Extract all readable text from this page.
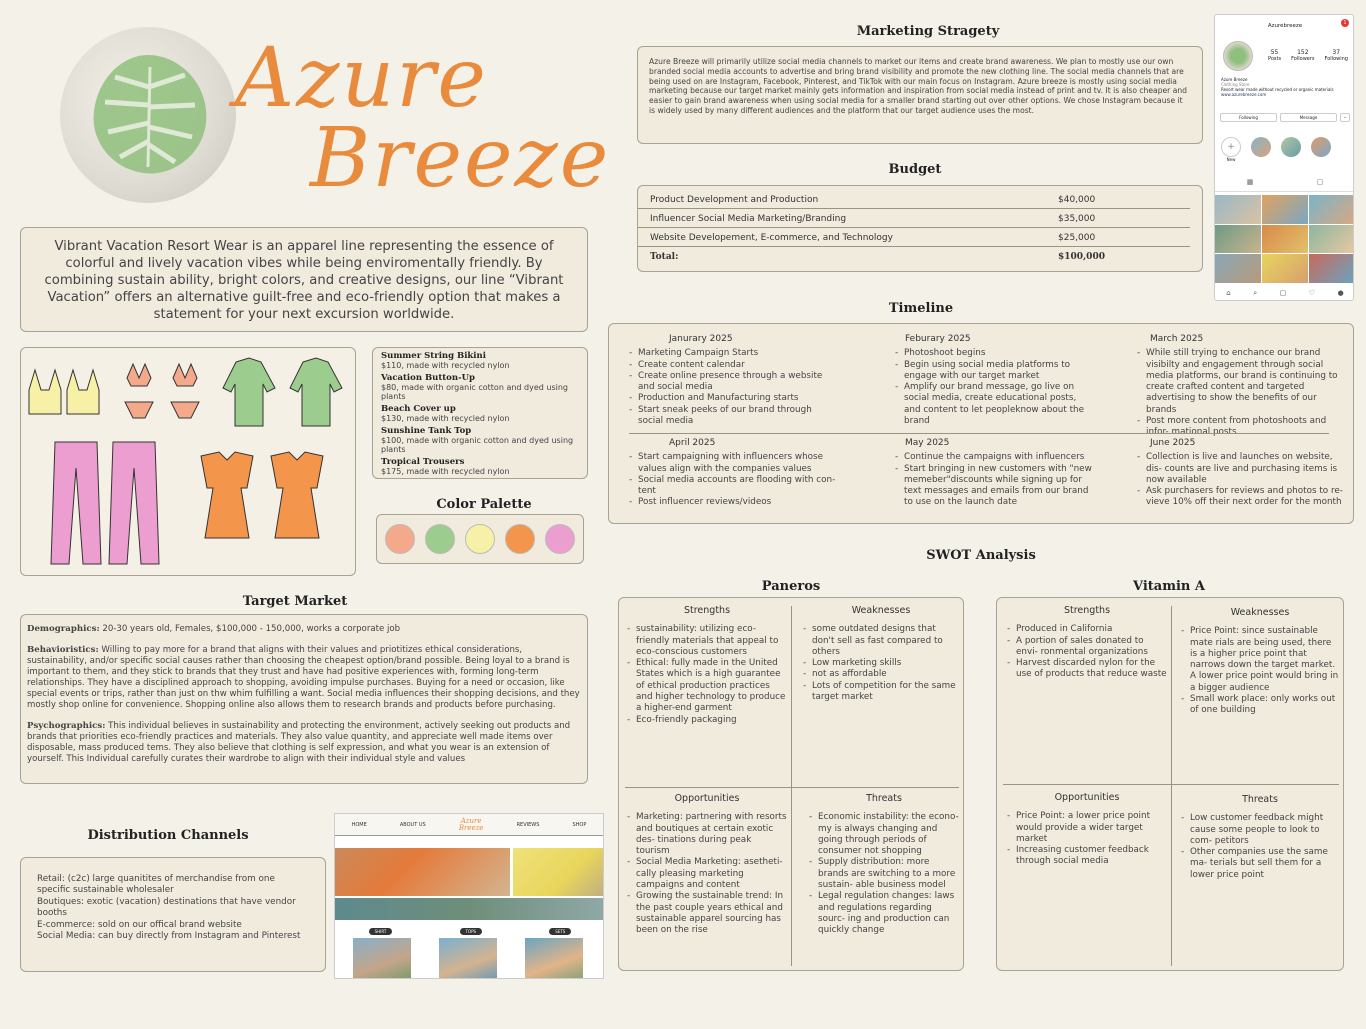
Azure
Breeze
Vibrant Vacation Resort Wear is an apparel line representing the essence of colorful and lively vacation vibes while being enviromentally friendly. By combining sustain ability, bright colors, and creative designs, our line “Vibrant Vacation” offers an alternative guilt-free and eco-friendly option that makes a statement for your next excursion worldwide.
Summer String Bikini
$110, made with recycled nylon
Vacation Button-Up
$80, made with organic cotton and dyed using plants
Beach Cover up
$130, made with recycled nylon
Sunshine Tank Top
$100, made with organic cotton and dyed using plants
Tropical Trousers
$175, made with recycled nylon
Color Palette
Target Market

Demographics: 20-30 years old, Females, $100,000 - 150,000, works a corporate job

Behavioristics: Willing to pay more for a brand that aligns with their values and priotitizes ethical considerations, sustainability, and/or specific social causes rather than choosing the cheapest option/brand possible. Being loyal to a brand is important to them, and they stick to brands that they trust and have had positive experiences with, forming long-term relationships. They have a disciplined approach to shopping, avoiding impulse purchases. Buying for a need or occasion, like special events or trips, rather than just on thw whim fulfilling a want. Social media influences their shopping decisions, and they mostly shop online for convenience. Shopping online also allows them to research brands and products before purchasing.

Psychographics: This individual believes in sustainability and protecting the environment, actively seeking out products and brands that priorities eco-friendly practices and materials. They also value quantity, and appreciate well made items over disposable, mass produced tems. They also believe that clothing is self expression, and what you wear is an extension of yourself. This Individual carefully curates their wardrobe to align with their individual style and values

Distribution Channels
Retail: (c2c) large quanitites of merchandise from one specific sustainable wholesaler
Boutiques: exotic (vacation) destinations that have vendor booths
E-commerce: sold on our offical brand website
Social Media: can buy directly from Instagram and Pinterest
HOME	ABOUT US	Azure
Breeze	REVIEWS	SHOP
SHIRT	TOPS	SETS
Marketing Stragety
Azure Breeze will primarily utilize social media channels to market our items and create brand awareness. We plan to mostly use our own branded social media accounts to advertise and bring brand visibility and promote the new clothing line. The social media channels that are being used on are Instagram, Facebook, Pinterest, and TikTok with our main focus on Instagram. Azure breeze is mostly using social media marketing because our target market mainly gets information and inspiration from social media instead of print and tv. It is also cheaper and easier to gain brand awareness when using social media for a smaller brand starting out over other options. We chose Instagram because it is widely used by many different audiences and the platform that our target audience uses the most.
Budget
Product Development and Production	$40,000
Influencer Social Media Marketing/Branding	$35,000
Website Developement, E-commerce, and Technology	$25,000
Total:	$100,000
Azurebreeze	1
55
Posts
152
Followers
37
Following
Azure Breeze
Clothing Store
Resort wear made without recycled or organic materials
www.azurebreeze.com
Following	Message	⌄
+
New
▦	▢
⌂	⌕	▢	♡	●
Timeline
Janurary 2025
- Marketing Campaign Starts
- Create content calendar
- Create online presence through a website and social media
- Production and Manufacturing starts
- Start sneak peeks of our brand through social media
Feburary 2025
- Photoshoot begins
- Begin using social media platforms to engage with our target market
- Amplify our brand message, go live on social media, create educational posts, and content to let peopleknow about the brand
March 2025
- While still trying to enchance our brand visibilty and engagement through social media platforms, our brand is continuing to create crafted content and targeted advertising to show the benefits of our brands
- Post more content from photoshoots and infor- mational posts
April 2025
- Start campaigning with influencers whose values align with the companies values
- Social media accounts are flooding with con- tent
- Post influencer reviews/videos
May 2025
- Continue the campaigns with influencers
- Start bringing in new customers with "new memeber"discounts while signing up for text messages and emails from our brand to use on the launch date
June 2025
- Collection is live and launches on website, dis- counts are live and purchasing items is now available
- Ask purchasers for reviews and photos to re- vieve 10% off their next order for the month
SWOT Analysis
Paneros
Strengths
- sustainability: utilizing eco-friendly materials that appeal to eco-conscious customers
- Ethical: fully made in the United States which is a high guarantee of ethical production practices and higher technology to produce a higher-end garment
- Eco-friendly packaging
Weaknesses
- some outdated designs that don't sell as fast compared to others
- Low marketing skills
- not as affordable
- Lots of competition for the same target market
Opportunities
- Marketing: partnering with resorts and boutiques at certain exotic des- tinations during peak tourism
- Social Media Marketing: asetheti- cally pleasing marketing campaigns and content
- Growing the sustainable trend: In the past couple years ethical and sustainable apparel sourcing has been on the rise
Threats
- Economic instability: the econo- my is always changing and going through periods of consumer not shopping
- Supply distribution: more brands are switching to a more sustain- able business model
- Legal regulation changes: laws and regulations regarding sourc- ing and production can quickly change
Vitamin A
Strengths
- Produced in California
- A portion of sales donated to envi- ronmental organizations
- Harvest discarded nylon for the use of products that reduce waste
Weaknesses
- Price Point: since sustainable mate rials are being used, there is a higher price point that narrows down the target market. A lower price point would bring in a bigger audience
- Small work place: only works out of one building
Opportunities
- Price Point: a lower price point would provide a wider target market
- Increasing customer feedback through social media
Threats
- Low customer feedback might cause some people to look to com- petitors
- Other companies use the same ma- terials but sell them for a lower price point
